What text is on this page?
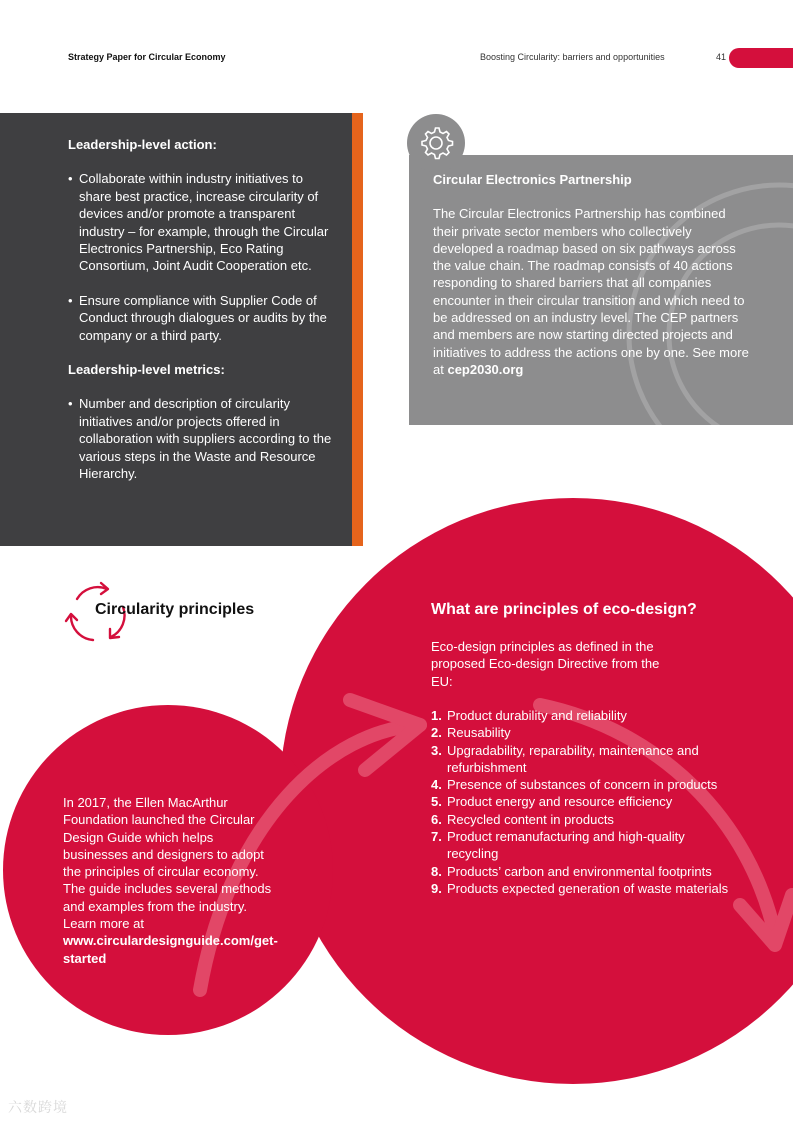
Strategy Paper for Circular Economy	Boosting Circularity: barriers and opportunities	41
Leadership-level action:
• Collaborate within industry initiatives to share best practice, increase circularity of devices and/or promote a transparent industry – for example, through the Circular Electronics Partnership, Eco Rating Consortium, Joint Audit Cooperation etc.
• Ensure compliance with Supplier Code of Conduct through dialogues or audits by the company or a third party.
Leadership-level metrics:
• Number and description of circularity initiatives and/or projects offered in collaboration with suppliers according to the various steps in the Waste and Resource Hierarchy.
Circular Electronics Partnership

The Circular Electronics Partnership has combined their private sector members who collectively developed a roadmap based on six pathways across the value chain. The roadmap consists of 40 actions responding to shared barriers that all companies encounter in their circular transition and which need to be addressed on an industry level. The CEP partners and members are now starting directed projects and initiatives to address the actions one by one. See more at cep2030.org

Circularity principles	What are principles of eco-design?
Eco-design principles as defined in the proposed Eco-design Directive from the EU:
1. Product durability and reliability
2. Reusability
3. Upgradability, reparability, maintenance and refurbishment
4. Presence of substances of concern in products
5. Product energy and resource efficiency
6. Recycled content in products
7. Product remanufacturing and high-quality recycling
8. Products’ carbon and environmental footprints
9. Products expected generation of waste materials
In 2017, the Ellen MacArthur Foundation launched the Circular Design Guide which helps businesses and designers to adopt the principles of circular economy. The guide includes several methods and examples from the industry. Learn more at www.circulardesignguide.com/get-started
六数跨境
